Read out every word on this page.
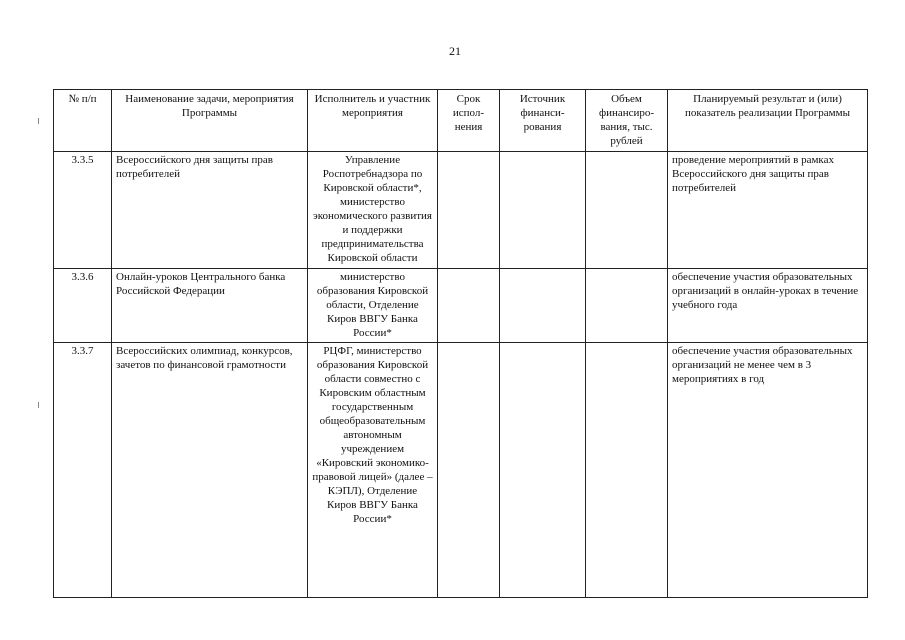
21
№ п/п	Наименование задачи, мероприятия Программы	Исполнитель и участник мероприятия	Срок испол-нения	Источник финанси-рования	Объем финансиро-вания, тыс. рублей	Планируемый результат и (или) показатель реализации Программы
3.3.5	Всероссийского дня защиты прав потребителей	Управление Роспотребнадзора по Кировской области*, министерство экономического развития и поддержки предпринимательства Кировской области				проведение мероприятий в рамках Всероссийского дня защиты прав потребителей
3.3.6	Онлайн-уроков Центрального банка Российской Федерации	министерство образования Кировской области, Отделение Киров ВВГУ Банка России*				обеспечение участия образовательных организаций в онлайн-уроках в течение учебного года
3.3.7	Всероссийских олимпиад, конкурсов, зачетов по финансовой грамотности	РЦФГ, министерство образования Кировской области совместно с Кировским областным государственным общеобразовательным автономным учреждением «Кировский экономико-правовой лицей» (далее – КЭПЛ), Отделение Киров ВВГУ Банка России*				обеспечение участия образовательных организаций не менее чем в 3 мероприятиях в год
